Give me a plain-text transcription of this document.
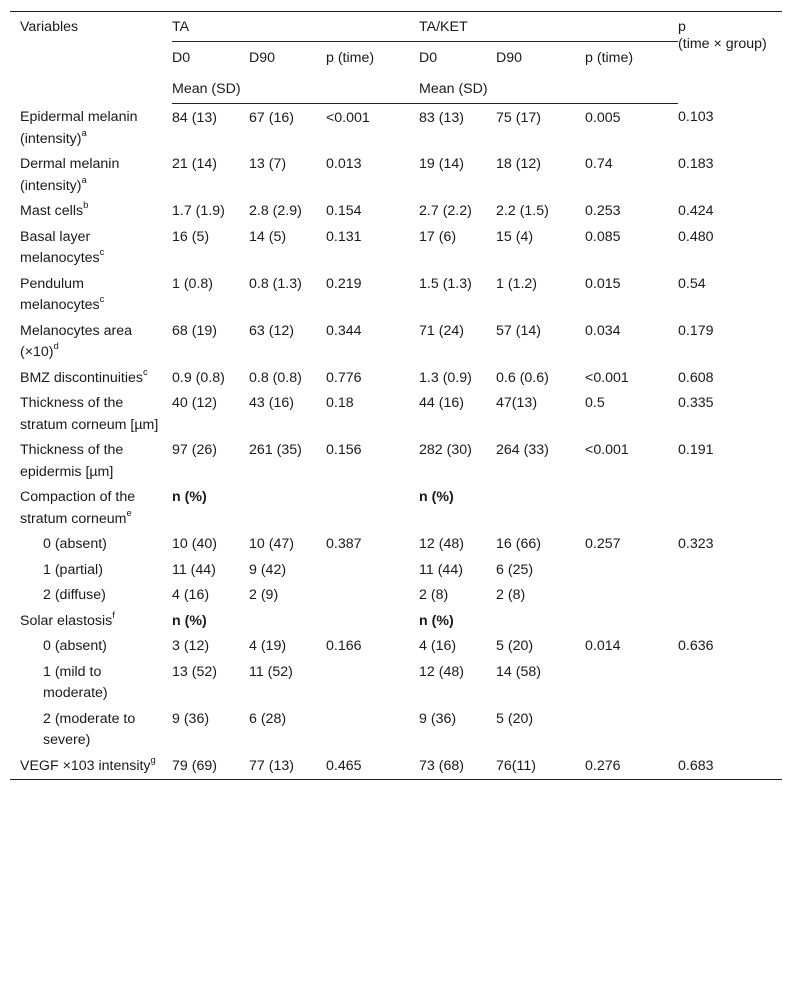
Variables	TA			TA/KET			p
(time × group)

	D0	D90	p (time)	D0	D90	p (time)	
	Mean (SD)			Mean (SD)			
Epidermal melanin (intensity)$^a$	84 (13)	67 (16)	<0.001	83 (13)	75 (17)	0.005	0.103
Dermal melanin (intensity)$^a$	21 (14)	13 (7)	0.013	19 (14)	18 (12)	0.74	0.183
Mast cells$^b$	1.7 (1.9)	2.8 (2.9)	0.154	2.7 (2.2)	2.2 (1.5)	0.253	0.424
Basal layer melanocytes$^c$	16 (5)	14 (5)	0.131	17 (6)	15 (4)	0.085	0.480
Pendulum melanocytes$^c$	1 (0.8)	0.8 (1.3)	0.219	1.5 (1.3)	1 (1.2)	0.015	0.54
Melanocytes area $(\times 10)^d$	68 (19)	63 (12)	0.344	71 (24)	57 (14)	0.034	0.179
BMZ discontinuities$^c$	0.9 (0.8)	0.8 (0.8)	0.776	1.3 (0.9)	0.6 (0.6)	<0.001	0.608
Thickness of the stratum corneum [µm]	40 (12)	43 (16)	0.18	44 (16)	47(13)	0.5	0.335
Thickness of the epidermis [µm]	97 (26)	261 (35)	0.156	282 (30)	264 (33)	<0.001	0.191
Compaction of the stratum corneum$^e$	n (%)			n (%)			
0 (absent)	10 (40)	10 (47)	0.387	12 (48)	16 (66)	0.257	0.323
1 (partial)	11 (44)	9 (42)		11 (44)	6 (25)		
2 (diffuse)	4 (16)	2 (9)		2 (8)	2 (8)		
Solar elastosis$^f$	n (%)			n (%)			
0 (absent)	3 (12)	4 (19)	0.166	4 (16)	5 (20)	0.014	0.636
1 (mild to moderate)	13 (52)	11 (52)		12 (48)	14 (58)		
2 (moderate to severe)	9 (36)	6 (28)		9 (36)	5 (20)		
VEGF ×103 intensity$^g$	79 (69)	77 (13)	0.465	73 (68)	76(11)	0.276	0.683
